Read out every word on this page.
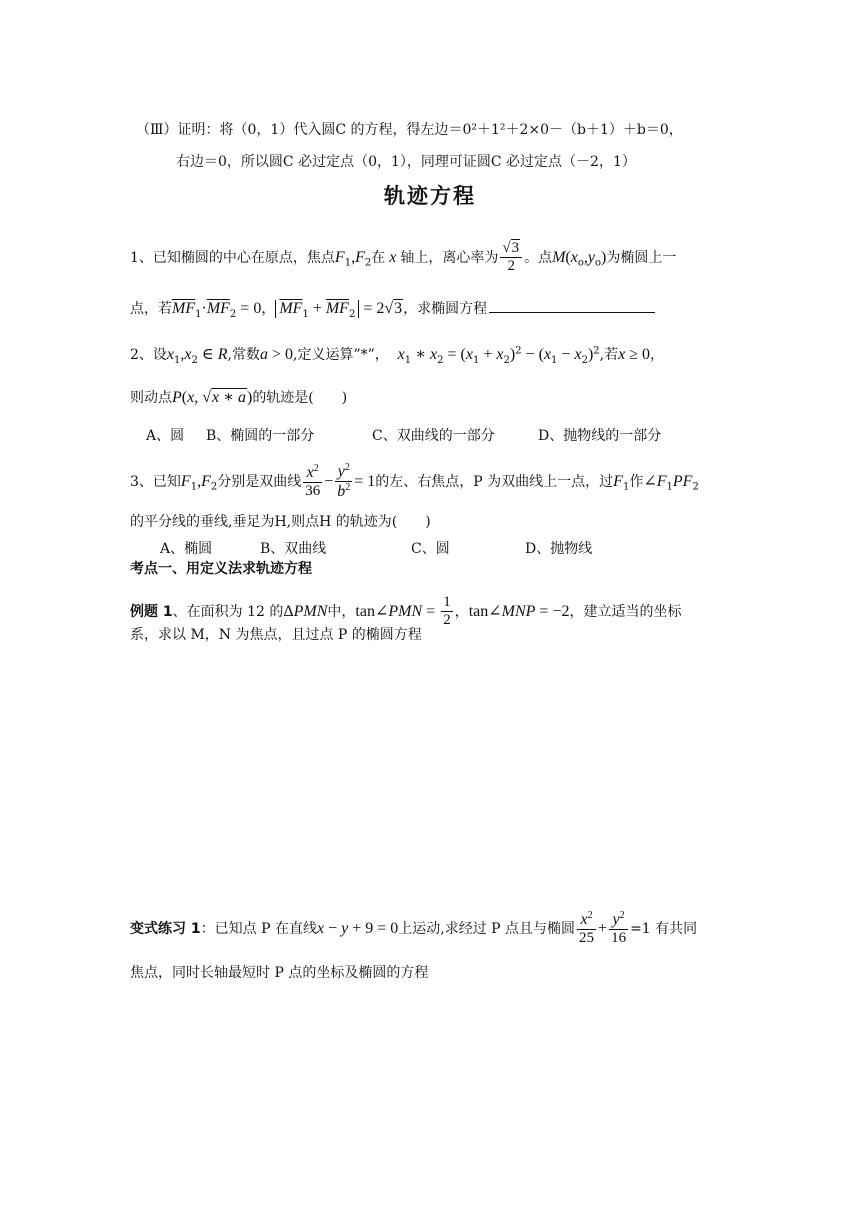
（Ⅲ）证明：将（0，1）代入圆C 的方程，得左边＝0²＋1²＋2×0－（b＋1）＋b＝0，
右边＝0，所以圆C 必过定点（0，1），同理可证圆C 必过定点（－2，1）
轨迹方程
1、已知椭圆的中心在原点，焦点$F_1,F_2$在 x 轴上，离心率为 $\frac{√3}{2}$ 。点$M(x_o,y_o)$为椭圆上一
点，若$\overline{MF}_1\cdot\overline{MF}_2 = 0$， $\overline{MF}_1 + \overline{MF}_2 = 2√3$，求椭圆方程
2、设$x_1,x_2$ ∈ R,常数a > 0,定义运算”*”， $x_1$ ∗ $x_2 = (x_1 + x_2)^2 - (x_1 - x_2)^2$,若x ≥ 0，
则动点P(x, √x ∗ a)的轨迹是(　　)
A、圆 B、椭圆的一部分	C、双曲线的一部分	D、抛物线的一部分
3、已知$F_1,F_2$分别是双曲线 $\frac{x^2}{36} - \frac{y^2}{b^2} = 1$的左、右焦点，P 为双曲线上一点，过$F_1$作$\angle F_1PF_2$
的平分线的垂线,垂足为H,则点H 的轨迹为(　　)
A、椭圆	B、双曲线	C、圆	D、抛物线
考点一、用定义法求轨迹方程
例题 1、在面积为 12 的ΔPMN中，tan∠PMN = $\frac{1}{2}$ ，tan∠MNP = −2，建立适当的坐标
系，求以 M，N 为焦点，且过点 P 的椭圆方程
变式练习 1：已知点 P 在直线x − y + 9 = 0上运动,求经过 P 点且与椭圆 $\frac{x^2}{25} + \frac{y^2}{16} =1$ 有共同
焦点，同时长轴最短时 P 点的坐标及椭圆的方程
